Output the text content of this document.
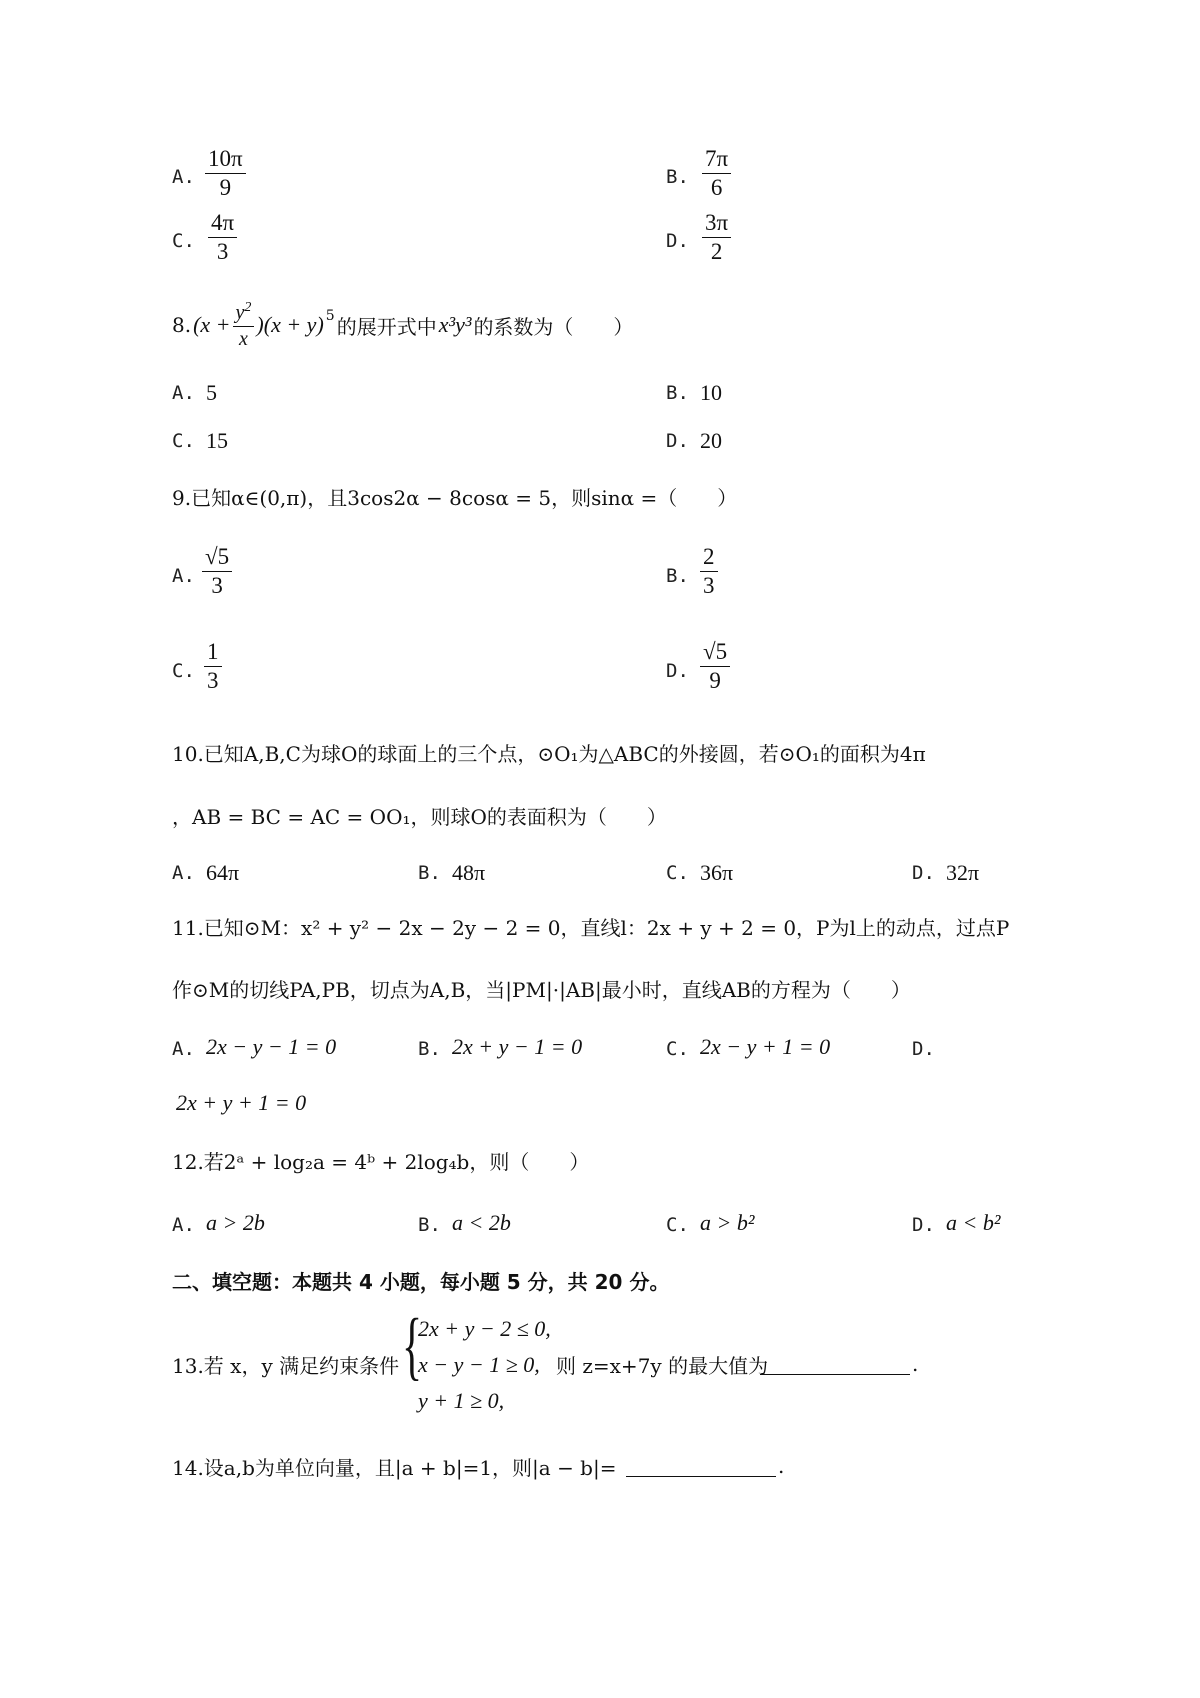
A. $\frac{10\pi}{9}$	B. $\frac{7\pi}{6}$
C. $\frac{4\pi}{3}$	D. $\frac{3\pi}{2}$
8. $(x + \frac{y^2}{x} )(x + y)$ 5 的展开式中 x³y³ 的系数为（　　）
A. 5	B. 10
C. 15	D. 20
9.已知α∈(0,π)，且3cos2α − 8cosα = 5，则sinα =（　　）
A. $\frac{√5}{3}$	B. $\frac{2}{3}$
C. $\frac{1}{3}$	D. $\frac{√5}{9}$
10.已知A,B,C为球O的球面上的三个点，⊙O₁为△ABC的外接圆，若⊙O₁的面积为4π
，AB = BC = AC = OO₁，则球O的表面积为（　　）
A. 64π	B. 48π	C. 36π	D. 32π
11.已知⊙M：x² + y² − 2x − 2y − 2 = 0，直线l：2x + y + 2 = 0，P为l上的动点，过点P
作⊙M的切线PA,PB，切点为A,B，当|PM|·|AB|最小时，直线AB的方程为（　　）
A. 2x − y − 1 = 0	B. 2x + y − 1 = 0	C. 2x − y + 1 = 0	D.
2x + y + 1 = 0
12.若2ᵃ + log₂a = 4ᵇ + 2log₄b，则（　　）
A. a > 2b	B. a < 2b	C. a > b²	D. a < b²
二、填空题：本题共 4 小题，每小题 5 分，共 20 分。
13.若 x，y 满足约束条件 {
2x + y − 2 ≤ 0,
x − y − 1 ≥ 0,
y + 1 ≥ 0,
则 z=x+7y 的最大值为	.
14.设a,b为单位向量，且|a + b|=1，则|a − b|=	.
